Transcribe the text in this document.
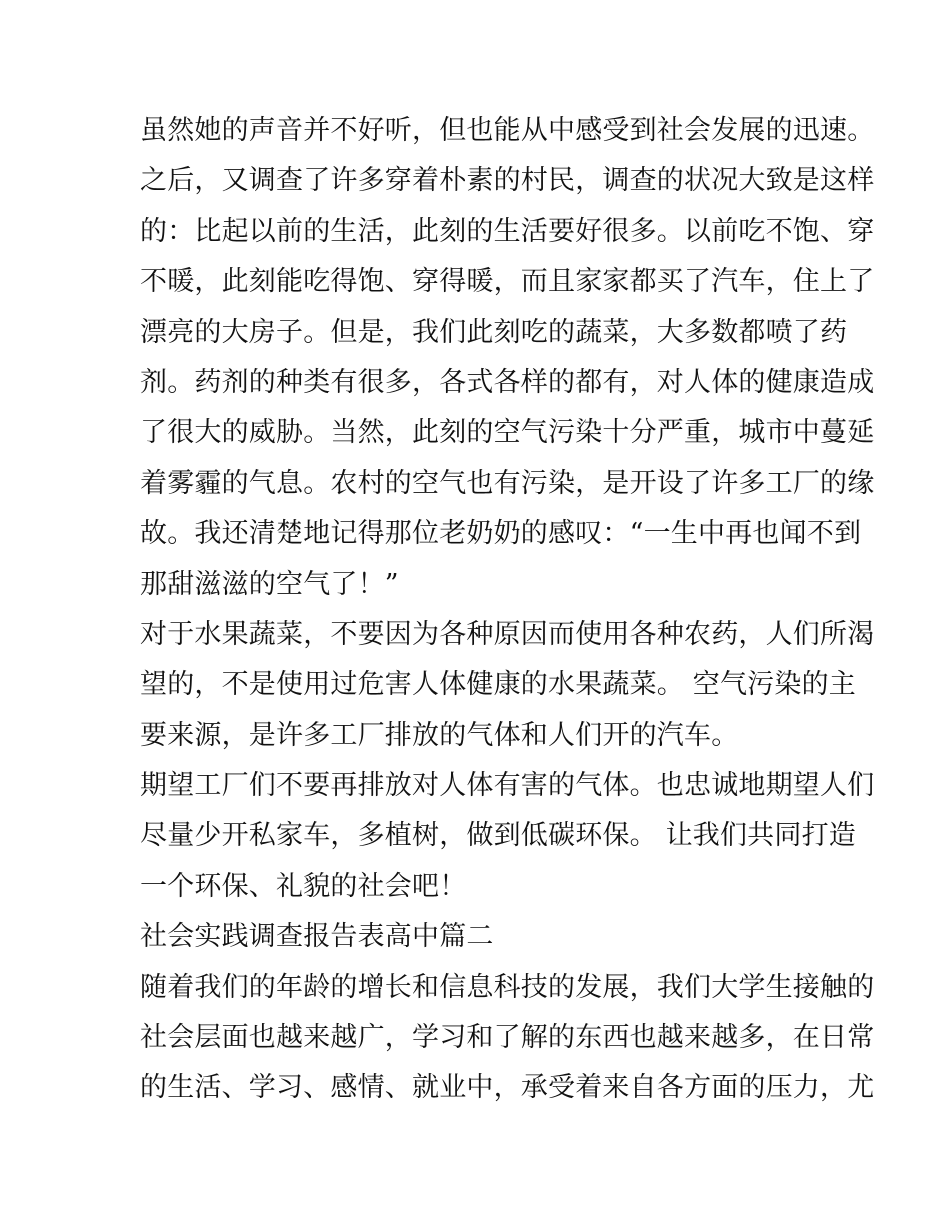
虽然她的声音并不好听，但也能从中感受到社会发展的迅速。
之后，又调查了许多穿着朴素的村民，调查的状况大致是这样
的：比起以前的生活，此刻的生活要好很多。以前吃不饱、穿
不暖，此刻能吃得饱、穿得暖，而且家家都买了汽车，住上了
漂亮的大房子。但是，我们此刻吃的蔬菜，大多数都喷了药
剂。药剂的种类有很多，各式各样的都有，对人体的健康造成
了很大的威胁。当然，此刻的空气污染十分严重，城市中蔓延
着雾霾的气息。农村的空气也有污染，是开设了许多工厂的缘
故。我还清楚地记得那位老奶奶的感叹：“一生中再也闻不到
那甜滋滋的空气了！”
对于水果蔬菜，不要因为各种原因而使用各种农药，人们所渴
望的，不是使用过危害人体健康的水果蔬菜。 空气污染的主
要来源，是许多工厂排放的气体和人们开的汽车。
期望工厂们不要再排放对人体有害的气体。也忠诚地期望人们
尽量少开私家车，多植树，做到低碳环保。 让我们共同打造
一个环保、礼貌的社会吧！
社会实践调查报告表高中篇二
随着我们的年龄的增长和信息科技的发展，我们大学生接触的
社会层面也越来越广，学习和了解的东西也越来越多，在日常
的生活、学习、感情、就业中，承受着来自各方面的压力，尤
